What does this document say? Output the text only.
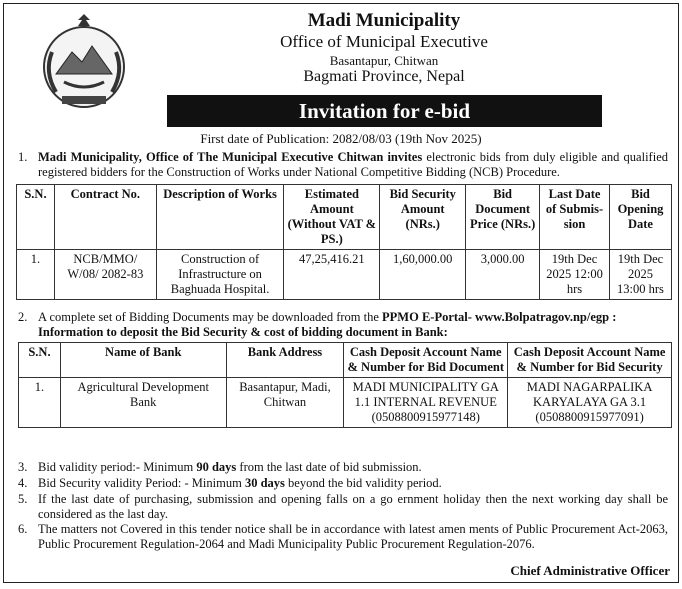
Madi Municipality
Office of Municipal Executive
Basantapur, Chitwan
Bagmati Province, Nepal
Invitation for e-bid
First date of Publication: 2082/08/03 (19th Nov 2025)
1. Madi Municipality, Office of The Municipal Executive Chitwan invites electronic bids from duly eligible and qualified registered bidders for the Construction of Works under National Competitive Bidding (NCB) Procedure.
S.N.	Contract No.	Description of Works	Estimated Amount (Without VAT & PS.)	Bid Security Amount (NRs.)	Bid Document Price (NRs.)	Last Date of Submis-sion	Bid Opening Date
1.	NCB/MMO/ W/08/ 2082-83	Construction of Infrastructure on Baghuada Hospital.	47,25,416.21	1,60,000.00	3,000.00	19th Dec 2025 12:00 hrs	19th Dec 2025 13:00 hrs
2. A complete set of Bidding Documents may be downloaded from the PPMO E-Portal- www.Bolpatragov.np/egp :
Information to deposit the Bid Security & cost of bidding document in Bank:
S.N.	Name of Bank	Bank Address	Cash Deposit Account Name & Number for Bid Document	Cash Deposit Account Name & Number for Bid Security
1.	Agricultural Development Bank	Basantapur, Madi, Chitwan	MADI MUNICIPALITY GA 1.1 INTERNAL REVENUE (0508800915977148)	MADI NAGARPALIKA KARYALAYA GA 3.1 (0508800915977091)
3. Bid validity period:- Minimum 90 days from the last date of bid submission.
4. Bid Security validity Period: - Minimum 30 days beyond the bid validity period.
5. If the last date of purchasing, submission and opening falls on a go ernment holiday then the next working day shall be considered as the last day.
6. The matters not Covered in this tender notice shall be in accordance with latest amen ments of Public Procurement Act-2063, Public Procurement Regulation-2064 and Madi Municipality Public Procurement Regulation-2076.
Chief Administrative Officer
